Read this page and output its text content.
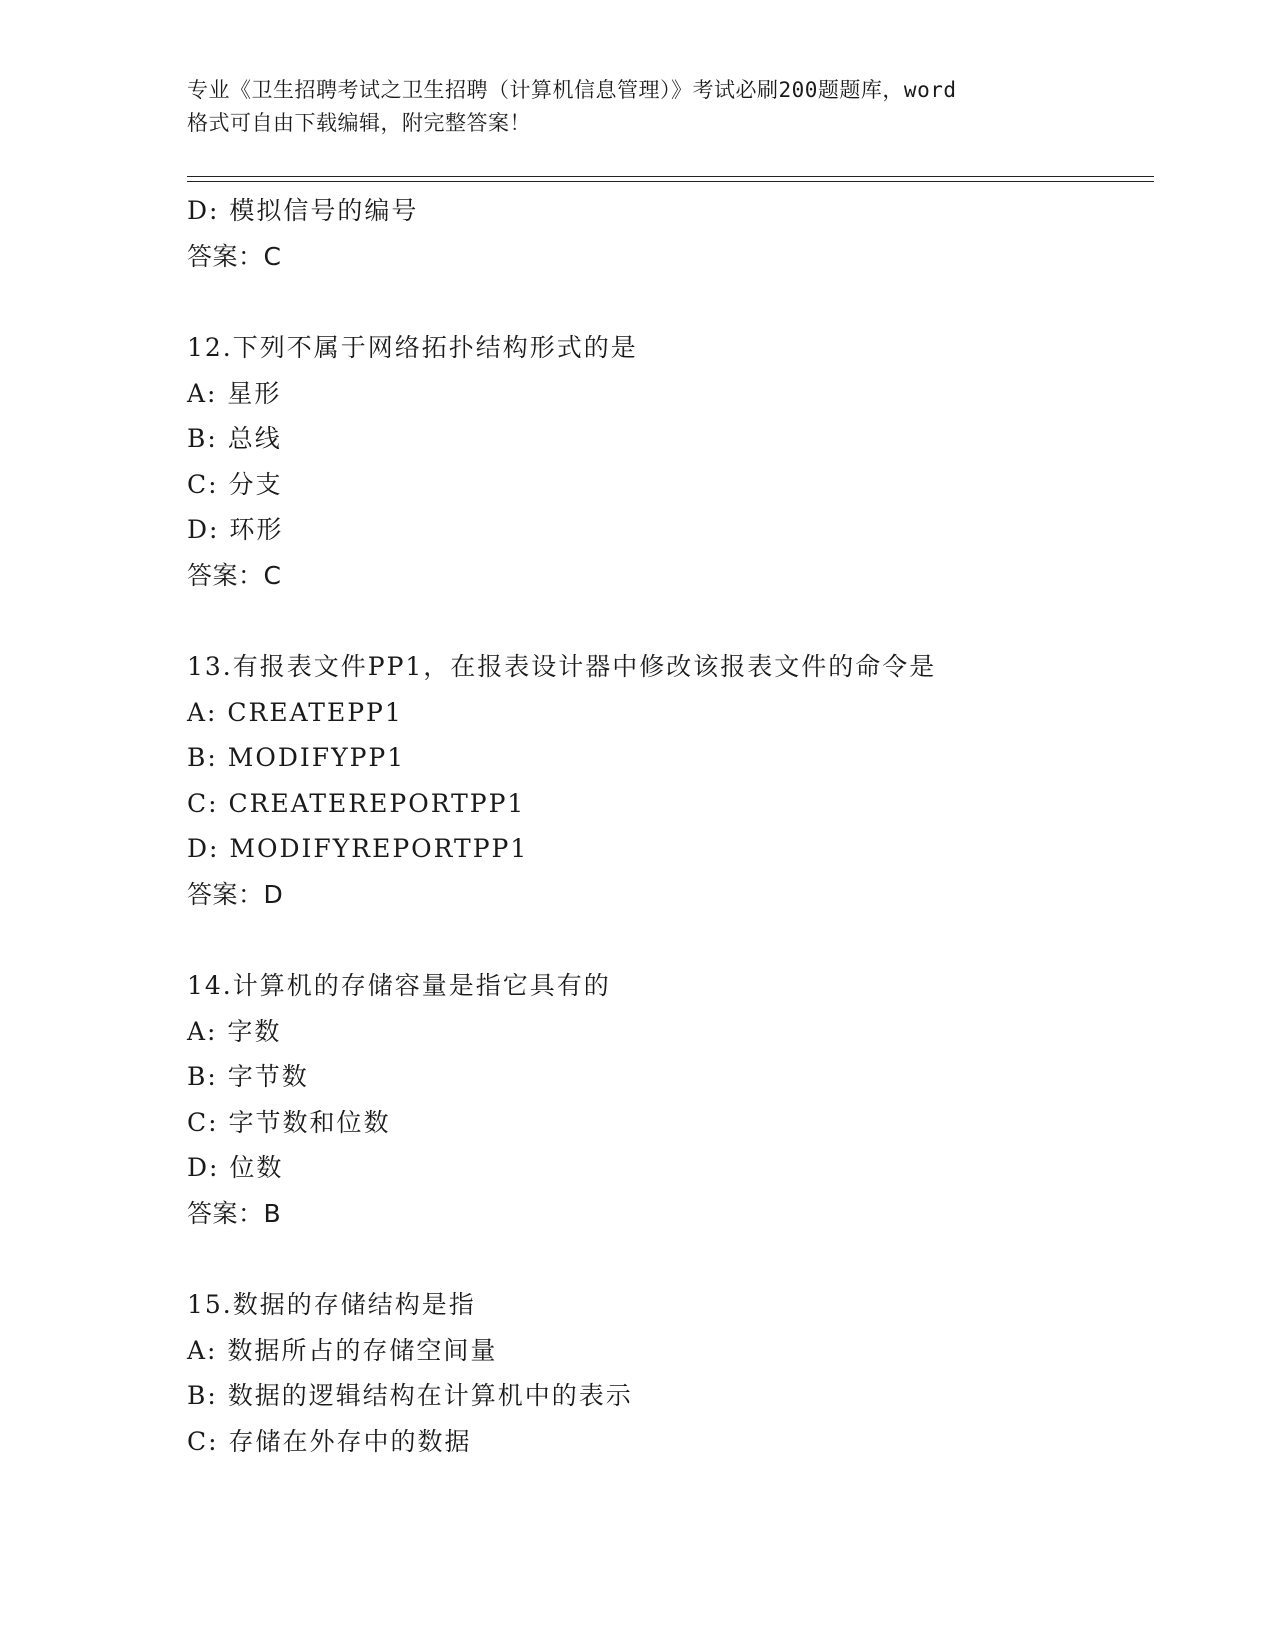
专业《卫生招聘考试之卫生招聘（计算机信息管理）》考试必刷200题题库，word
格式可自由下载编辑，附完整答案！
D: 模拟信号的编号
答案：C
12.下列不属于网络拓扑结构形式的是
A: 星形
B: 总线
C: 分支
D: 环形
答案：C
13.有报表文件PP1，在报表设计器中修改该报表文件的命令是
A: CREATEPP1
B: MODIFYPP1
C: CREATEREPORTPP1
D: MODIFYREPORTPP1
答案：D
14.计算机的存储容量是指它具有的
A: 字数
B: 字节数
C: 字节数和位数
D: 位数
答案：B
15.数据的存储结构是指
A: 数据所占的存储空间量
B: 数据的逻辑结构在计算机中的表示
C: 存储在外存中的数据
